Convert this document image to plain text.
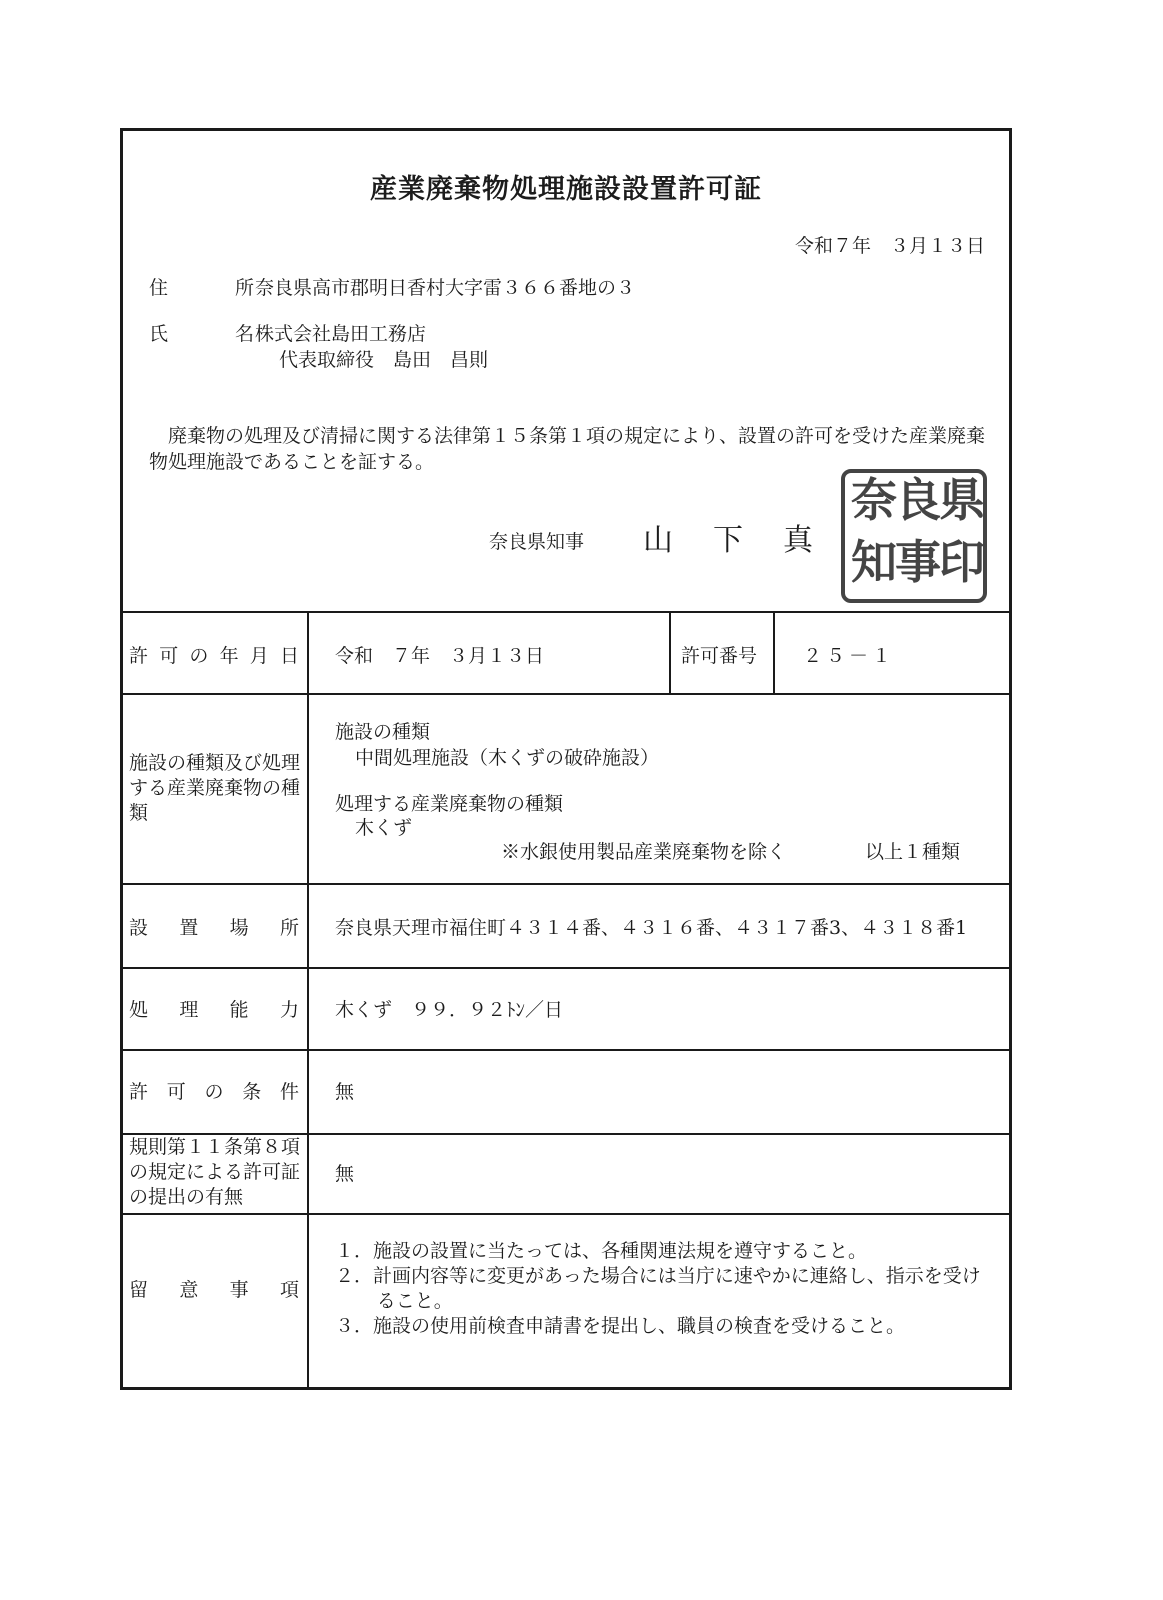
産業廃棄物処理施設設置許可証
令和７年　３月１３日
住　所
奈良県高市郡明日香村大字雷３６６番地の３
氏　名
株式会社島田工務店
代表取締役　島田　昌則
廃棄物の処理及び清掃に関する法律第１５条第１項の規定により、設置の許可を受けた産業廃棄物処理施設であることを証する。
奈良県知事 山下真
奈
良
県
知
事
印
許可の年月日 令和　７年　３月１３日	許可番号 ２５－１
施設の種類及び処理する産業廃棄物の種類
施設の種類
中間処理施設（木くずの破砕施設）
処理する産業廃棄物の種類
木くず
※水銀使用製品産業廃棄物を除く	以上１種類
設置場所 奈良県天理市福住町４３１４番、４３１６番、４３１７番3、４３１８番1
処理能力 木くず　９９．９２ﾄﾝ／日
許可の条件 無
規則第１１条第８項の規定による許可証の提出の有無
無
留意事項
１．施設の設置に当たっては、各種関連法規を遵守すること。
２．計画内容等に変更があった場合には当庁に速やかに連絡し、指示を受けること。
３．施設の使用前検査申請書を提出し、職員の検査を受けること。
